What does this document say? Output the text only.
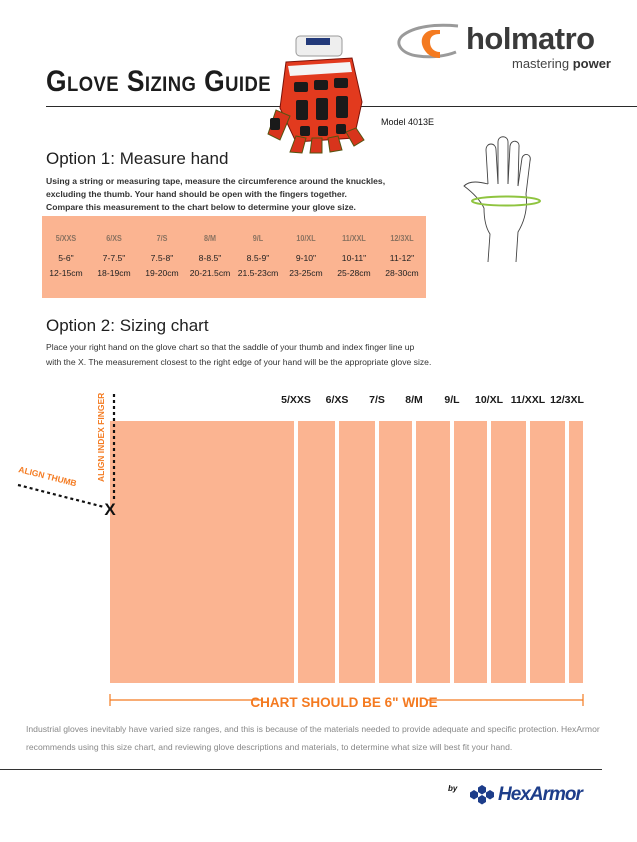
holmatro
mastering power
Glove Sizing Guide
Model 4013E
Option 1: Measure hand
Using a string or measuring tape, measure the circumference around the knuckles,
excluding the thumb. Your hand should be open with the fingers together.
Compare this measurement to the chart below to determine your glove size.
5/XXS
5-6"
12-15cm
6/XS
7-7.5"
18-19cm
7/S
7.5-8"
19-20cm
8/M
8-8.5"
20-21.5cm
9/L
8.5-9"
21.5-23cm
10/XL
9-10"
23-25cm
11/XXL
10-11"
25-28cm
12/3XL
11-12"
28-30cm
Option 2: Sizing chart
Place your right hand on the glove chart so that the saddle of your thumb and index finger line up
with the X. The measurement closest to the right edge of your hand will be the appropriate glove size.
5/XXS 6/XS 7/S 8/M 9/L 10/XL 11/XXL 12/3XL
ALIGN INDEX FINGER
ALIGN THUMB
X
CHART SHOULD BE 6" WIDE
Industrial gloves inevitably have varied size ranges, and this is because of the materials needed to provide adequate and specific protection. HexArmor
recommends using this size chart, and reviewing glove descriptions and materials, to determine what size will best fit your hand.
by HexArmor
